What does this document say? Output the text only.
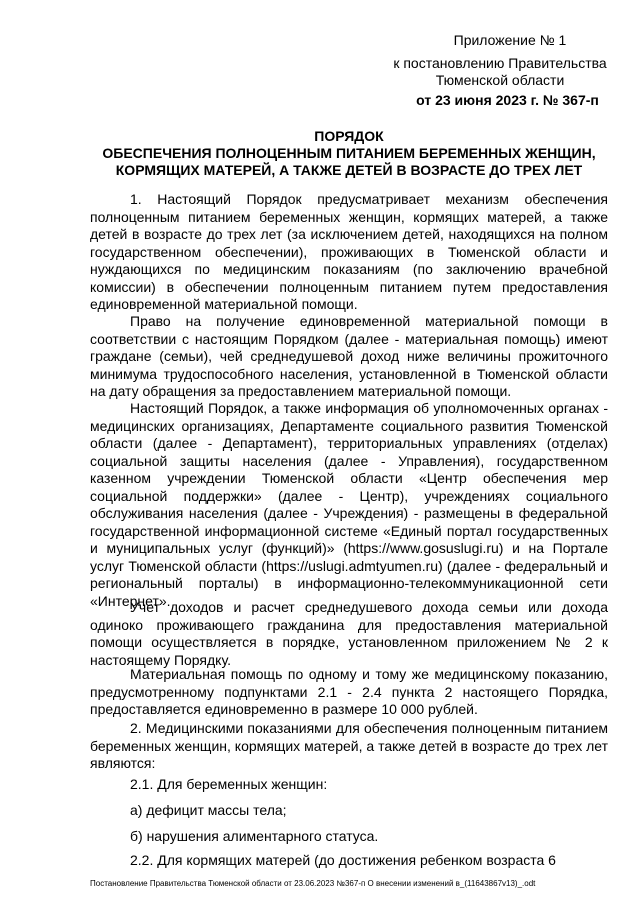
Приложение № 1
к постановлению Правительства
Тюменской области
от 23 июня 2023 г. № 367-п
ПОРЯДОК
ОБЕСПЕЧЕНИЯ ПОЛНОЦЕННЫМ ПИТАНИЕМ БЕРЕМЕННЫХ ЖЕНЩИН,
КОРМЯЩИХ МАТЕРЕЙ, А ТАКЖЕ ДЕТЕЙ В ВОЗРАСТЕ ДО ТРЕХ ЛЕТ

1. Настоящий Порядок предусматривает механизм обеспечения полноценным питанием беременных женщин, кормящих матерей, а также детей в возрасте до трех лет (за исключением детей, находящихся на полном государственном обеспечении), проживающих в Тюменской области и нуждающихся по медицинским показаниям (по заключению врачебной комиссии) в обеспечении полноценным питанием путем предоставления единовременной материальной помощи.

Право на получение единовременной материальной помощи в соответствии с настоящим Порядком (далее - материальная помощь) имеют граждане (семьи), чей среднедушевой доход ниже величины прожиточного минимума трудоспособного населения, установленной в Тюменской области на дату обращения за предоставлением материальной помощи.

Настоящий Порядок, а также информация об уполномоченных органах - медицинских организациях, Департаменте социального развития Тюменской области (далее - Департамент), территориальных управлениях (отделах) социальной защиты населения (далее - Управления), государственном казенном учреждении Тюменской области «Центр обеспечения мер социальной поддержки» (далее - Центр), учреждениях социального обслуживания населения (далее - Учреждения) - размещены в федеральной государственной информационной системе «Единый портал государственных и муниципальных услуг (функций)» (https://www.gosuslugi.ru) и на Портале услуг Тюменской области (https://uslugi.admtyumen.ru) (далее - федеральный и региональный порталы) в информационно-телекоммуникационной сети «Интернет».

Учет доходов и расчет среднедушевого дохода семьи или дохода одиноко проживающего гражданина для предоставления материальной помощи осуществляется в порядке, установленном приложением № 2 к настоящему Порядку.

Материальная помощь по одному и тому же медицинскому показанию, предусмотренному подпунктами 2.1 - 2.4 пункта 2 настоящего Порядка, предоставляется единовременно в размере 10 000 рублей.

2. Медицинскими показаниями для обеспечения полноценным питанием беременных женщин, кормящих матерей, а также детей в возрасте до трех лет являются:

2.1. Для беременных женщин:

а) дефицит массы тела;

б) нарушения алиментарного статуса.

2.2. Для кормящих матерей (до достижения ребенком возраста 6

Постановление Правительства Тюменской области от 23.06.2023 №367-п О внесении изменений в_(11643867v13)_.odt
